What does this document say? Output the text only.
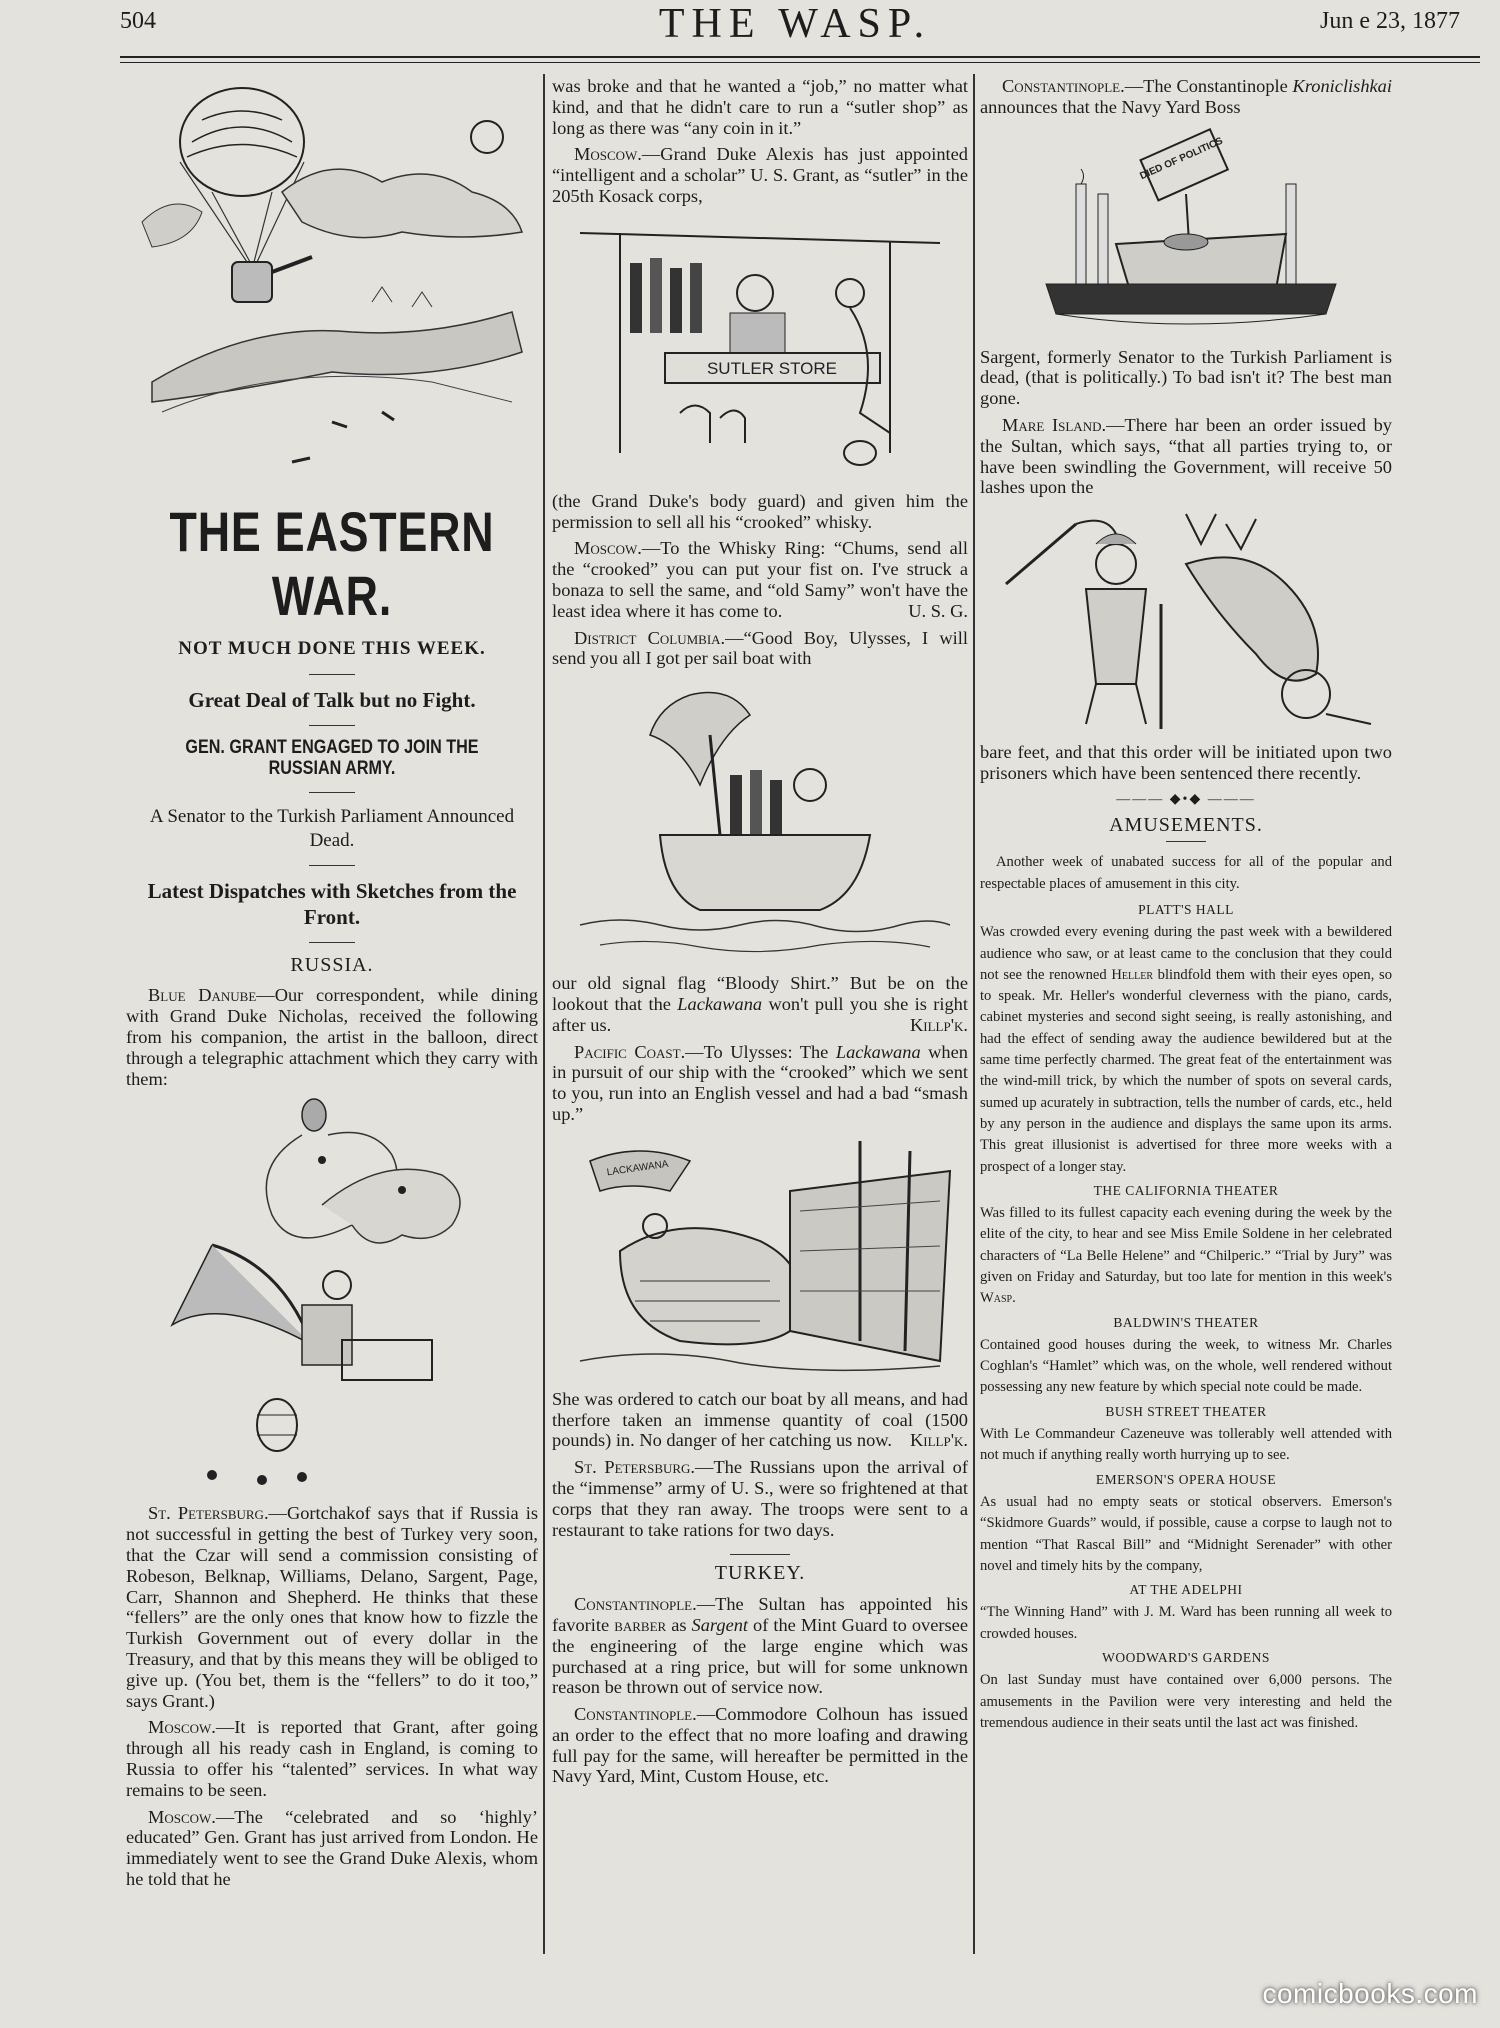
504	THE WASP.	Jun e 23, 1877
THE EASTERN WAR.
NOT MUCH DONE THIS WEEK.
Great Deal of Talk but no Fight.
GEN. GRANT ENGAGED TO JOIN THE RUSSIAN ARMY.
A Senator to the Turkish Parliament Announced Dead.
Latest Dispatches with Sketches from the Front.
RUSSIA.

Blue Danube—Our correspondent, while dining with Grand Duke Nicholas, received the following from his companion, the artist in the balloon, direct through a telegraphic attachment which they carry with them:

St. Petersburg.—Gortchakof says that if Russia is not successful in getting the best of Turkey very soon, that the Czar will send a commission consisting of Robeson, Belknap, Williams, Delano, Sargent, Page, Carr, Shannon and Shepherd. He thinks that these “fellers” are the only ones that know how to fizzle the Turkish Government out of every dollar in the Treasury, and that by this means they will be obliged to give up. (You bet, them is the “fellers” to do it too,” says Grant.)

Moscow.—It is reported that Grant, after going through all his ready cash in England, is coming to Russia to offer his “talented” services. In what way remains to be seen.

Moscow.—The “celebrated and so ‘highly’ educated” Gen. Grant has just arrived from London. He immediately went to see the Grand Duke Alexis, whom he told that he

was broke and that he wanted a “job,” no matter what kind, and that he didn't care to run a “sutler shop” as long as there was “any coin in it.”

Moscow.—Grand Duke Alexis has just appointed “intelligent and a scholar” U. S. Grant, as “sutler” in the 205th Kosack corps,

SUTLER STORE

(the Grand Duke's body guard) and given him the permission to sell all his “crooked” whisky.

Moscow.—To the Whisky Ring: “Chums, send all the “crooked” you can put your fist on. I've struck a bonaza to sell the same, and “old Samy” won't have the least idea where it has come to.	U. S. G.

District Columbia.—“Good Boy, Ulysses, I will send you all I got per sail boat with

our old signal flag “Bloody Shirt.” But be on the lookout that the Lackawana won't pull you she is right after us.	Killp'k.

Pacific Coast.—To Ulysses: The Lackawana when in pursuit of our ship with the “crooked” which we sent to you, run into an English vessel and had a bad “smash up.”

LACKAWANA

She was ordered to catch our boat by all means, and had therfore taken an immense quantity of coal (1500 pounds) in. No danger of her catching us now. Killp'k.

St. Petersburg.—The Russians upon the arrival of the “immense” army of U. S., were so frightened at that corps that they ran away. The troops were sent to a restaurant to take rations for two days.

TURKEY.

Constantinople.—The Sultan has appointed his favorite barber as Sargent of the Mint Guard to oversee the engineering of the large engine which was purchased at a ring price, but will for some unknown reason be thrown out of service now.

Constantinople.—Commodore Colhoun has issued an order to the effect that no more loafing and drawing full pay for the same, will hereafter be permitted in the Navy Yard, Mint, Custom House, etc.

Constantinople.—The Constantinople Kroniclishkai announces that the Navy Yard Boss

DIED OF POLITICS

Sargent, formerly Senator to the Turkish Parliament is dead, (that is politically.) To bad isn't it? The best man gone.

Mare Island.—There har been an order issued by the Sultan, which says, “that all parties trying to, or have been swindling the Government, will receive 50 lashes upon the

bare feet, and that this order will be initiated upon two prisoners which have been sentenced there recently.

——— ◆•◆ ———
AMUSEMENTS.

Another week of unabated success for all of the popular and respectable places of amusement in this city.

PLATT'S HALL

Was crowded every evening during the past week with a bewildered audience who saw, or at least came to the conclusion that they could not see the renowned Heller blindfold them with their eyes open, so to speak. Mr. Heller's wonderful cleverness with the piano, cards, cabinet mysteries and second sight seeing, is really astonishing, and had the effect of sending away the audience bewildered but at the same time perfectly charmed. The great feat of the entertainment was the wind-mill trick, by which the number of spots on several cards, sumed up acurately in subtraction, tells the number of cards, etc., held by any person in the audience and displays the same upon its arms. This great illusionist is advertised for three more weeks with a prospect of a longer stay.

THE CALIFORNIA THEATER

Was filled to its fullest capacity each evening during the week by the elite of the city, to hear and see Miss Emile Soldene in her celebrated characters of “La Belle Helene” and “Chilperic.” “Trial by Jury” was given on Friday and Saturday, but too late for mention in this week's Wasp.

BALDWIN'S THEATER

Contained good houses during the week, to witness Mr. Charles Coghlan's “Hamlet” which was, on the whole, well rendered without possessing any new feature by which special note could be made.

BUSH STREET THEATER

With Le Commandeur Cazeneuve was tollerably well attended with not much if anything really worth hurrying up to see.

EMERSON'S OPERA HOUSE

As usual had no empty seats or stotical observers. Emerson's “Skidmore Guards” would, if possible, cause a corpse to laugh not to mention “That Rascal Bill” and “Midnight Serenader” with other novel and timely hits by the company,

AT THE ADELPHI

“The Winning Hand” with J. M. Ward has been running all week to crowded houses.

WOODWARD'S GARDENS

On last Sunday must have contained over 6,000 persons. The amusements in the Pavilion were very interesting and held the tremendous audience in their seats until the last act was finished.

comicbooks.com
